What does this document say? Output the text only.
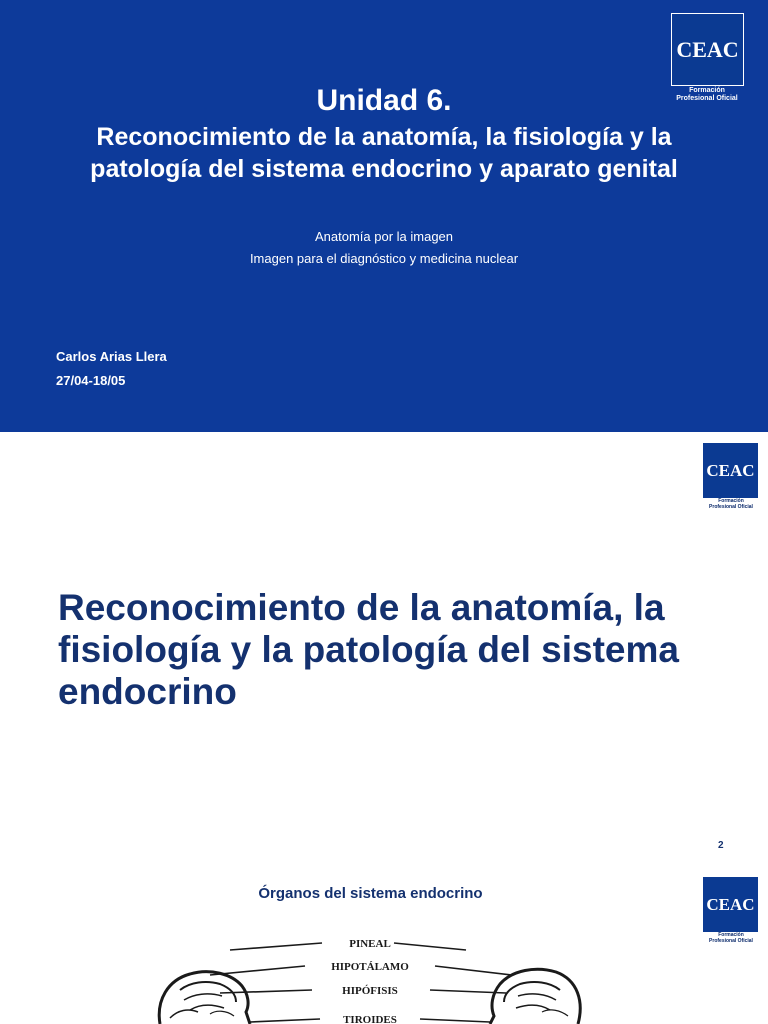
CEAC
Formación
Profesional Oficial
Unidad 6.
Reconocimiento de la anatomía, la fisiología y la patología del sistema endocrino y aparato genital
Anatomía por la imagen
Imagen para el diagnóstico y medicina nuclear
Carlos Arias Llera
27/04-18/05
CEAC
Formación
Profesional Oficial
Reconocimiento de la anatomía, la fisiología y la patología del sistema endocrino
2
CEAC
Formación
Profesional Oficial
Órganos del sistema endocrino
PINEAL
HIPOTÁLAMO
HIPÓFISIS
TIROIDES
